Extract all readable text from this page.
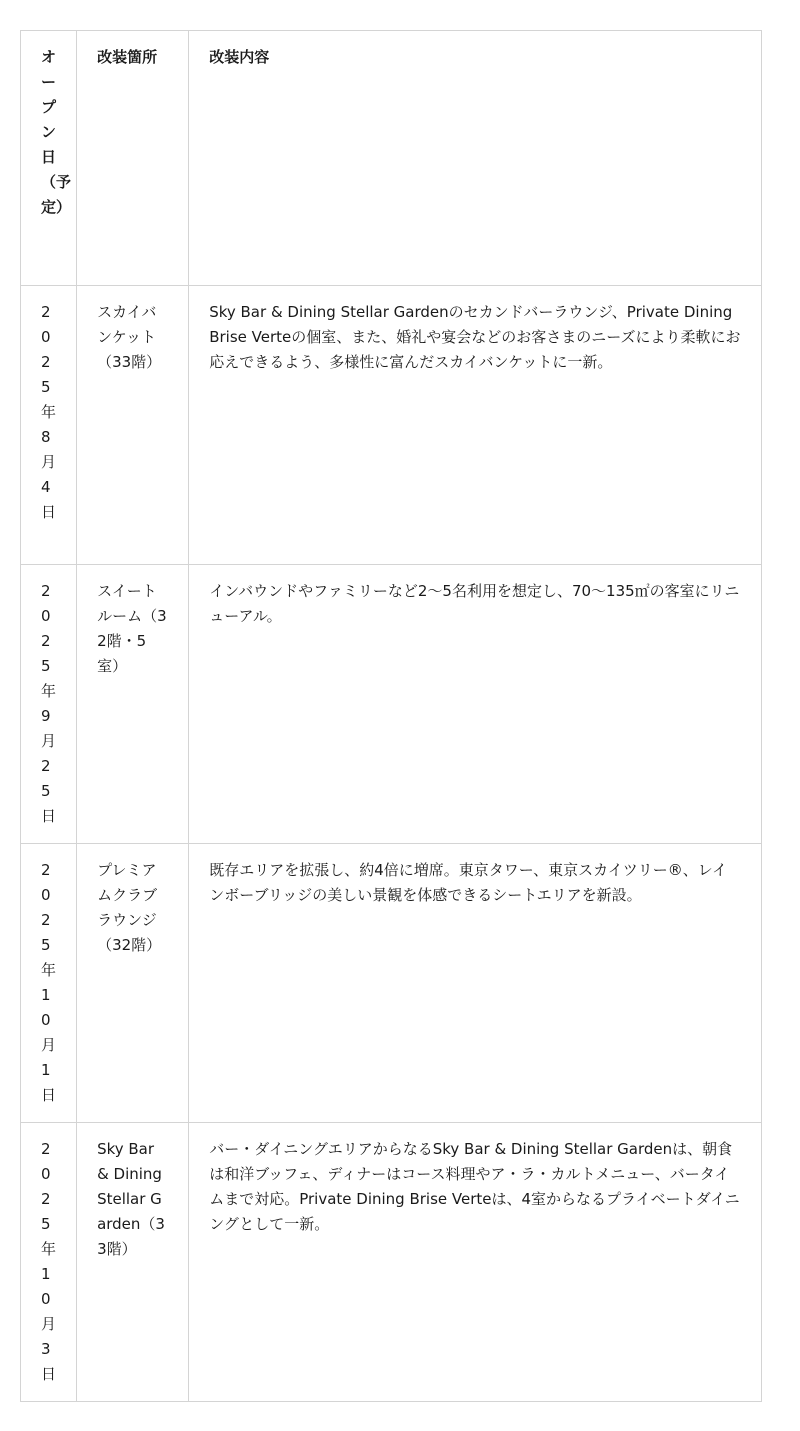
オープン日（予定）	改装箇所	改装内容

2025年8月4日	スカイバンケット（33階）	Sky Bar & Dining Stellar Gardenのセカンドバーラウンジ、Private Dining Brise Verteの個室、また、婚礼や宴会などのお客さまのニーズにより柔軟にお応えできるよう、多様性に富んだスカイバンケットに一新。

2025年9月25日	スイートルーム（32階・5室）	インバウンドやファミリーなど2～5名利用を想定し、70～135㎡の客室にリニューアル。

2025年10月1日	プレミアムクラブラウンジ（32階）	既存エリアを拡張し、約4倍に増席。東京タワー、東京スカイツリー®、レインボーブリッジの美しい景観を体感できるシートエリアを新設。

2025年10月3日	Sky Bar & Dining Stellar Garden（33階）	バー・ダイニングエリアからなるSky Bar & Dining Stellar Gardenは、朝食は和洋ブッフェ、ディナーはコース料理やア・ラ・カルトメニュー、バータイムまで対応。Private Dining Brise Verteは、4室からなるプライベートダイニングとして一新。
